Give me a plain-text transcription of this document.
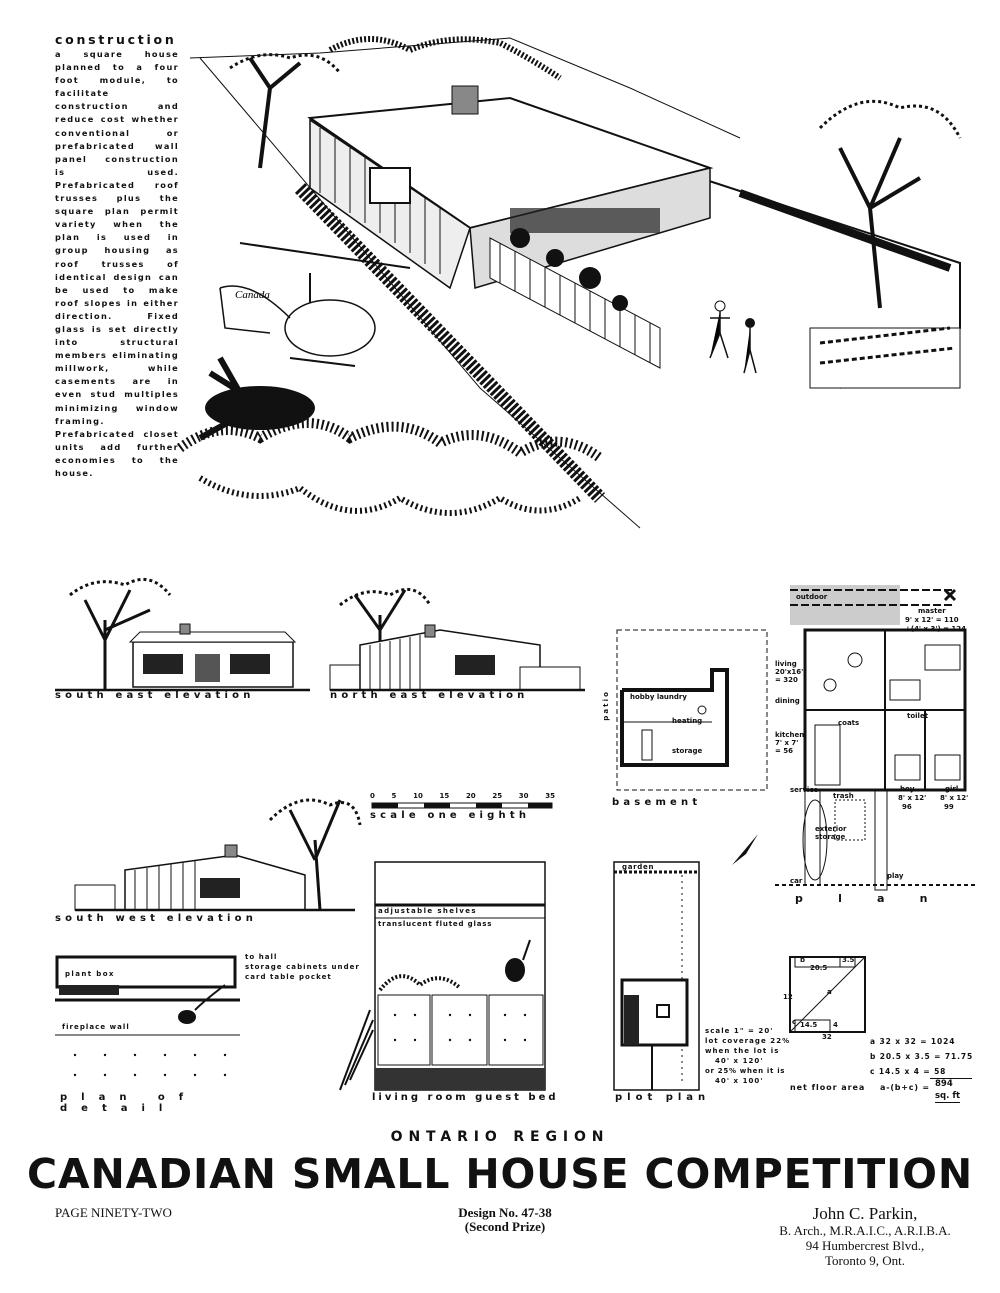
construction
a square house planned to a four foot module, to facilitate construction and reduce cost whether conventional or prefabricated wall panel construction is used. Prefabricated roof trusses plus the square plan permit variety when the plan is used in group housing as roof trusses of identical design can be used to make roof slopes in either direction. Fixed glass is set directly into structural members eliminating millwork, while casements are in even stud multiples minimizing window framing. Prefabricated closet units add further economies to the house.
Canada
south east elevation	north east elevation	hobby laundry
heating
storage
patio
basement
outdoor
master
9' x 12' = 110
+(4' x 3') = 124
living
20'x16'
= 320
dining
kitchen
7' x 7'
= 56
coats
toilet
service
trash
boy
8' x 12'
96
girl
8' x 12'
99
exterior storage
car
play
plan
0 5 10 15 20 25 30 35
scale one eighth
south west elevation
plant box
fireplace wall
to hall
storage cabinets under
card table pocket
plan of detail
adjustable shelves
translucent fluted glass
living room guest bed
garden
scale 1" = 20'
lot coverage 22%
when the lot is
40' x 120'
or 25% when it is
40' x 100'
plot plan
b
20.5
3.5
12
a
c 14.5 4
32	a 32 x 32 = 1024
b 20.5 x 3.5 = 71.75
c 14.5 x 4 = 58
net floor area a-(b+c) = 894
sq. ft
ONTARIO REGION
CANADIAN SMALL HOUSE COMPETITION
PAGE NINETY-TWO	Design No. 47-38
(Second Prize)
John C. Parkin,
B. Arch., M.R.A.I.C., A.R.I.B.A.
94 Humbercrest Blvd.,
Toronto 9, Ont.
